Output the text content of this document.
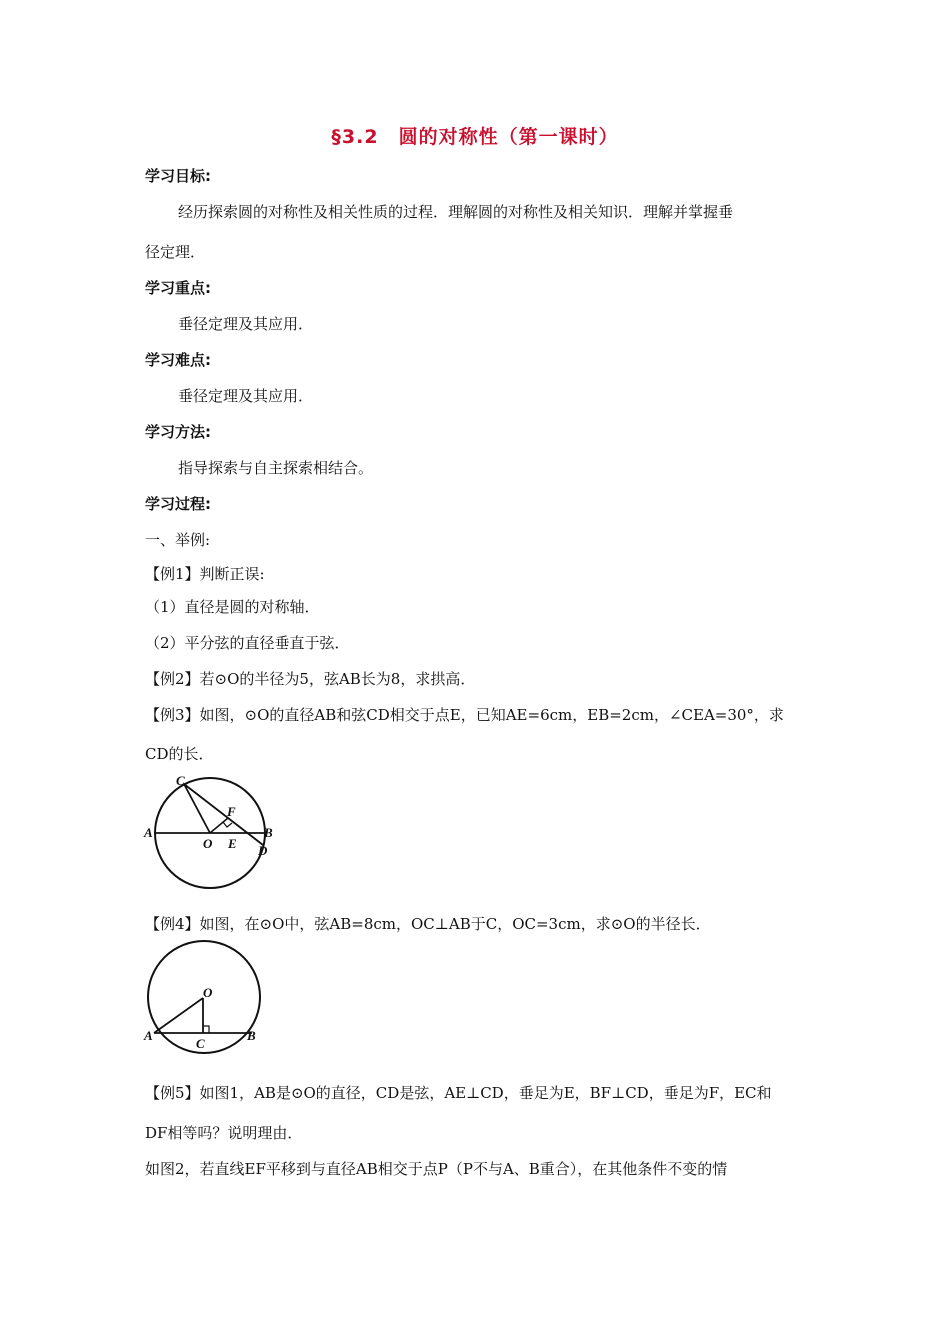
§3.2　圆的对称性（第一课时）
学习目标:
经历探索圆的对称性及相关性质的过程．理解圆的对称性及相关知识．理解并掌握垂
径定理．
学习重点:
垂径定理及其应用．
学习难点:
垂径定理及其应用．
学习方法:
指导探索与自主探索相结合。
学习过程:
一、举例:
【例1】判断正误:
（1）直径是圆的对称轴．
（2）平分弦的直径垂直于弦．
【例2】若⊙O的半径为5，弦AB长为8，求拱高．
【例3】如图，⊙O的直径AB和弦CD相交于点E，已知AE=6cm，EB=2cm，∠CEA=30°，求
CD的长．
C
F
A
O E
B
D
【例4】如图，在⊙O中，弦AB=8cm，OC⊥AB于C，OC=3cm，求⊙O的半径长．
O
A
C
B
【例5】如图1，AB是⊙O的直径，CD是弦，AE⊥CD，垂足为E，BF⊥CD，垂足为F，EC和
DF相等吗？说明理由．
如图2，若直线EF平移到与直径AB相交于点P（P不与A、B重合），在其他条件不变的情
